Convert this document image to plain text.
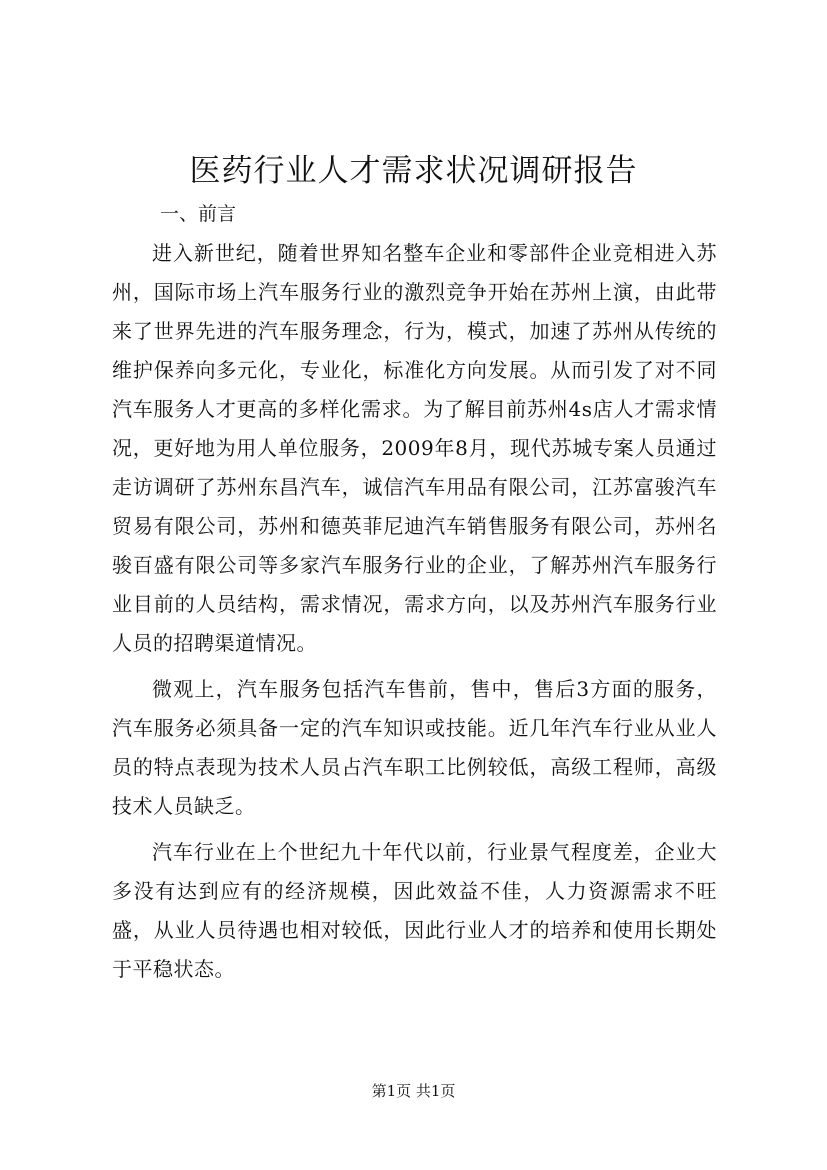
医药行业人才需求状况调研报告
一、前言

进入新世纪，随着世界知名整车企业和零部件企业竞相进入苏州，国际市场上汽车服务行业的激烈竞争开始在苏州上演，由此带来了世界先进的汽车服务理念，行为，模式，加速了苏州从传统的维护保养向多元化，专业化，标准化方向发展。从而引发了对不同汽车服务人才更高的多样化需求。为了解目前苏州4s店人才需求情况，更好地为用人单位服务，2009年8月，现代苏城专案人员通过走访调研了苏州东昌汽车，诚信汽车用品有限公司，江苏富骏汽车贸易有限公司，苏州和德英菲尼迪汽车销售服务有限公司，苏州名骏百盛有限公司等多家汽车服务行业的企业，了解苏州汽车服务行业目前的人员结构，需求情况，需求方向，以及苏州汽车服务行业人员的招聘渠道情况。

微观上，汽车服务包括汽车售前，售中，售后3方面的服务，汽车服务必须具备一定的汽车知识或技能。近几年汽车行业从业人员的特点表现为技术人员占汽车职工比例较低，高级工程师，高级技术人员缺乏。

汽车行业在上个世纪九十年代以前，行业景气程度差，企业大多没有达到应有的经济规模，因此效益不佳，人力资源需求不旺盛，从业人员待遇也相对较低，因此行业人才的培养和使用长期处于平稳状态。

第1页 共1页
